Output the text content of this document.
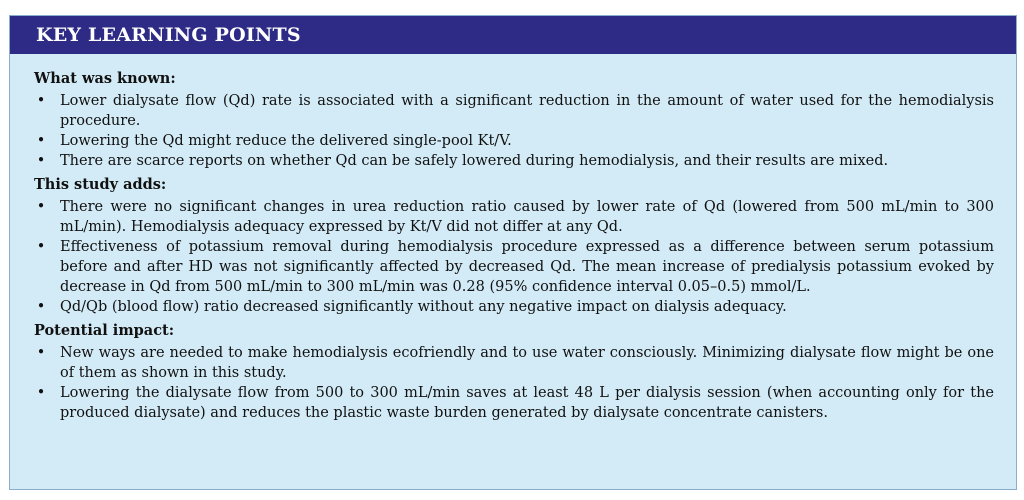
KEY LEARNING POINTS

What was known:

• Lower dialysate flow (Qd) rate is associated with a significant reduction in the amount of water used for the hemodialysis procedure.
• Lowering the Qd might reduce the delivered single-pool Kt/V.
• There are scarce reports on whether Qd can be safely lowered during hemodialysis, and their results are mixed.

This study adds:

• There were no significant changes in urea reduction ratio caused by lower rate of Qd (lowered from 500 mL/min to 300 mL/min). Hemodialysis adequacy expressed by Kt/V did not differ at any Qd.
• Effectiveness of potassium removal during hemodialysis procedure expressed as a difference between serum potassium before and after HD was not significantly affected by decreased Qd. The mean increase of predialysis potassium evoked by decrease in Qd from 500 mL/min to 300 mL/min was 0.28 (95% confidence interval 0.05–0.5) mmol/L.
• Qd/Qb (blood flow) ratio decreased significantly without any negative impact on dialysis adequacy.

Potential impact:

• New ways are needed to make hemodialysis ecofriendly and to use water consciously. Minimizing dialysate flow might be one of them as shown in this study.
• Lowering the dialysate flow from 500 to 300 mL/min saves at least 48 L per dialysis session (when accounting only for the produced dialysate) and reduces the plastic waste burden generated by dialysate concentrate canisters.
